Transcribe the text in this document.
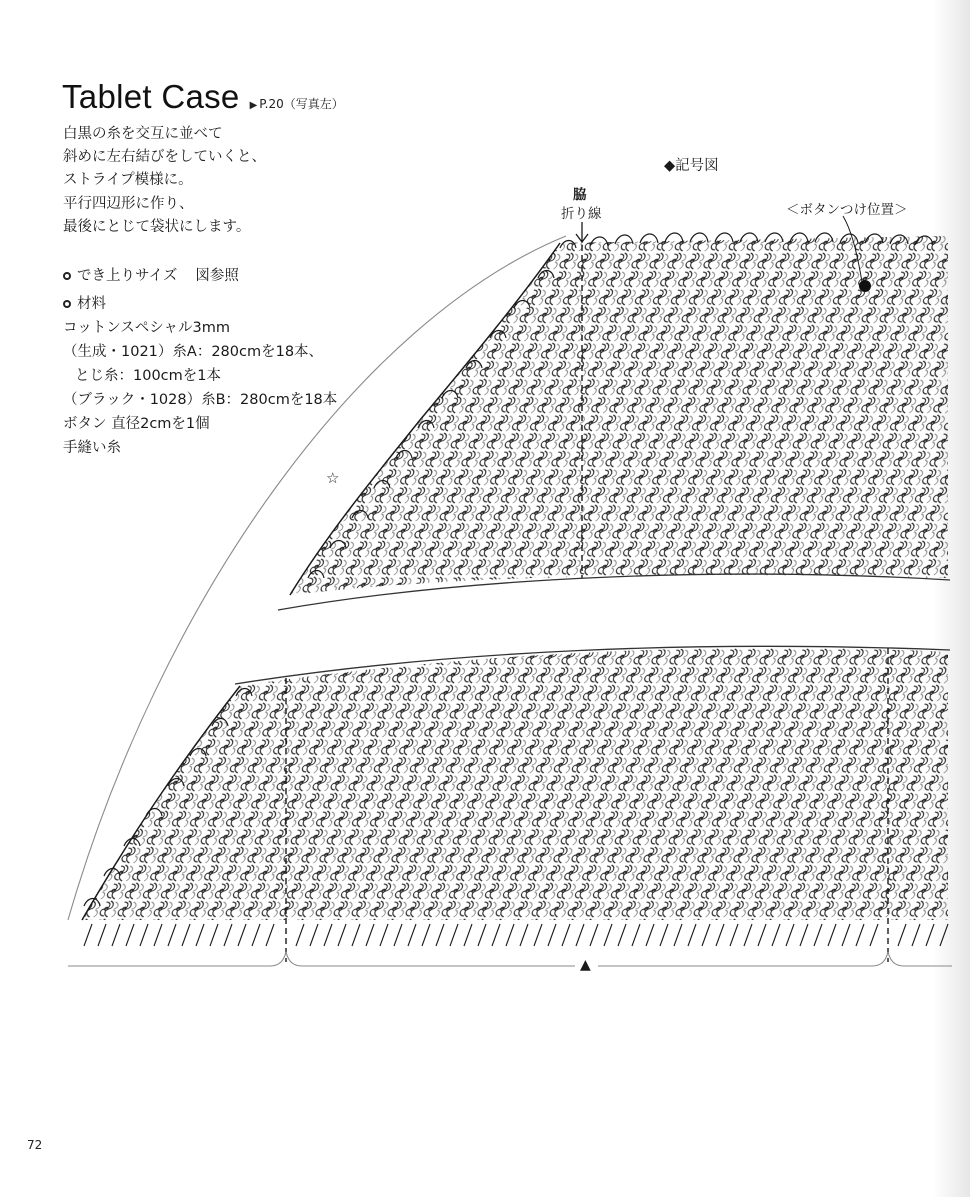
Tablet Case ▶ P.20（写真左）
白黒の糸を交互に並べて
斜めに左右結びをしていくと、
ストライプ模様に。
平行四辺形に作り、
最後にとじて袋状にします。
でき上りサイズ 図参照
材料
コットンスペシャル3mm
（生成・1021）糸A：280cmを18本、
とじ糸：100cmを1本
（ブラック・1028）糸B：280cmを18本
ボタン 直径2cmを1個
手縫い糸
◆記号図
脇
折り線	＜ボタンつけ位置＞
☆
▲
72
